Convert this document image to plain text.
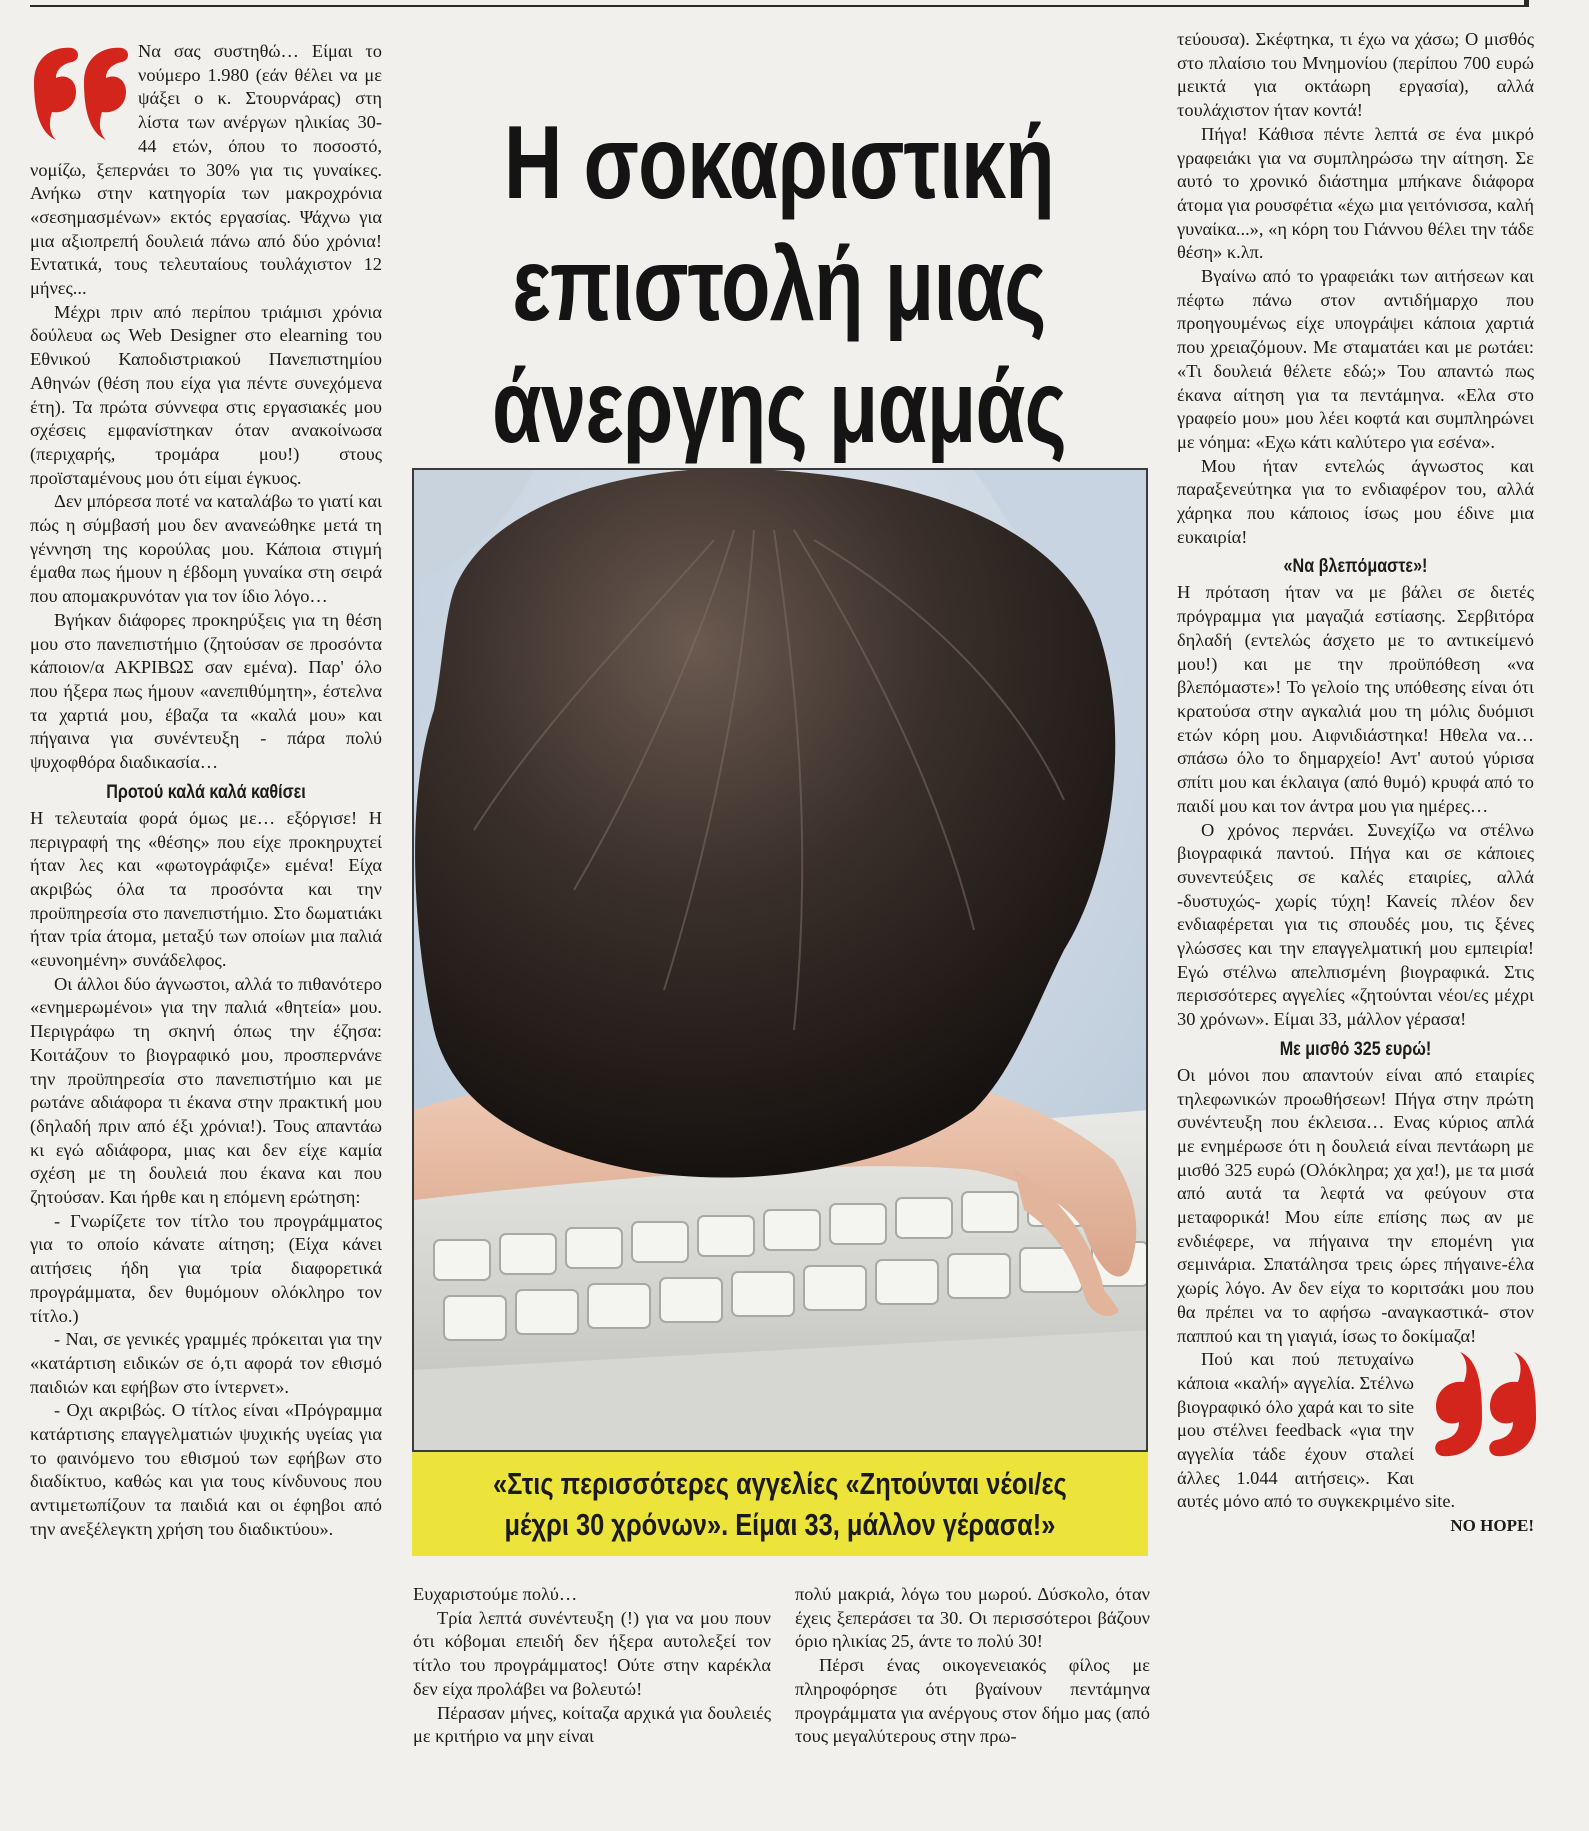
Η σοκαριστική
επιστολή μιας
άνεργης μαμάς

Να σας συστηθώ… Είμαι το νούμερο 1.980 (εάν θέλει να με ψάξει ο κ. Στουρνάρας) στη λίστα των ανέργων ηλικίας 30- 44 ετών, όπου το ποσοστό, νομίζω, ξεπερνάει το 30% για τις γυναίκες. Ανήκω στην κατηγορία των μακροχρόνια «σεσημασμένων» εκτός εργασίας. Ψάχνω για μια αξιοπρεπή δουλειά πάνω από δύο χρόνια! Εντατικά, τους τελευταίους τουλάχιστον 12 μήνες...

Μέχρι πριν από περίπου τριάμισι χρόνια δούλευα ως Web Designer στο elearning του Εθνικού Καποδιστριακού Πανεπιστημίου Αθηνών (θέση που είχα για πέντε συνεχόμενα έτη). Τα πρώτα σύννεφα στις εργασιακές μου σχέσεις εμφανίστηκαν όταν ανακοίνωσα (περιχαρής, τρομάρα μου!) στους προϊσταμένους μου ότι είμαι έγκυος.

Δεν μπόρεσα ποτέ να καταλάβω το γιατί και πώς η σύμβασή μου δεν ανανεώθηκε μετά τη γέννηση της κορούλας μου. Κάποια στιγμή έμαθα πως ήμουν η έβδομη γυναίκα στη σειρά που απομακρυνόταν για τον ίδιο λόγο…

Βγήκαν διάφορες προκηρύξεις για τη θέση μου στο πανεπιστήμιο (ζητούσαν σε προσόντα κάποιον/α ΑΚΡΙΒΩΣ σαν εμένα). Παρ' όλο που ήξερα πως ήμουν «ανεπιθύμητη», έστελνα τα χαρτιά μου, έβαζα τα «καλά μου» και πήγαινα για συνέντευξη - πάρα πολύ ψυχοφθόρα διαδικασία…

Προτού καλά καλά καθίσει

Η τελευταία φορά όμως με… εξόργισε! Η περιγραφή της «θέσης» που είχε προκηρυχτεί ήταν λες και «φωτογράφιζε» εμένα! Είχα ακριβώς όλα τα προσόντα και την προϋπηρεσία στο πανεπιστήμιο. Στο δωματιάκι ήταν τρία άτομα, μεταξύ των οποίων μια παλιά «ευνοημένη» συνάδελφος.

Οι άλλοι δύο άγνωστοι, αλλά το πιθανότερο «ενημερωμένοι» για την παλιά «θητεία» μου. Περιγράφω τη σκηνή όπως την έζησα: Κοιτάζουν το βιογραφικό μου, προσπερνάνε την προϋπηρεσία στο πανεπιστήμιο και με ρωτάνε αδιάφορα τι έκανα στην πρακτική μου (δηλαδή πριν από έξι χρόνια!). Τους απαντάω κι εγώ αδιάφορα, μιας και δεν είχε καμία σχέση με τη δουλειά που έκανα και που ζητούσαν. Και ήρθε και η επόμενη ερώτηση:

- Γνωρίζετε τον τίτλο του προγράμματος για το οποίο κάνατε αίτηση; (Είχα κάνει αιτήσεις ήδη για τρία διαφορετικά προγράμματα, δεν θυμόμουν ολόκληρο τον τίτλο.)

- Ναι, σε γενικές γραμμές πρόκειται για την «κατάρτιση ειδικών σε ό,τι αφορά τον εθισμό παιδιών και εφήβων στο ίντερνετ».

- Οχι ακριβώς. Ο τίτλος είναι «Πρόγραμμα κατάρτισης επαγγελματιών ψυχικής υγείας για το φαινόμενο του εθισμού των εφήβων στο διαδίκτυο, καθώς και για τους κίνδυνους που αντιμετωπίζουν τα παιδιά και οι έφηβοι από την ανεξέλεγκτη χρήση του διαδικτύου».

«Στις περισσότερες αγγελίες «Ζητούνται νέοι/ες
μέχρι 30 χρόνων». Είμαι 33, μάλλον γέρασα!»

Ευχαριστούμε πολύ…

Τρία λεπτά συνέντευξη (!) για να μου πουν ότι κόβομαι επειδή δεν ήξερα αυτολεξεί τον τίτλο του προγράμματος! Ούτε στην καρέκλα δεν είχα προλάβει να βολευτώ!

Πέρασαν μήνες, κοίταζα αρχικά για δουλειές με κριτήριο να μην είναι

πολύ μακριά, λόγω του μωρού. Δύσκολο, όταν έχεις ξεπεράσει τα 30. Οι περισσότεροι βάζουν όριο ηλικίας 25, άντε το πολύ 30!

Πέρσι ένας οικογενειακός φίλος με πληροφόρησε ότι βγαίνουν πεντάμηνα προγράμματα για ανέργους στον δήμο μας (από τους μεγαλύτερους στην πρω-

τεύουσα). Σκέφτηκα, τι έχω να χάσω; Ο μισθός στο πλαίσιο του Μνημονίου (περίπου 700 ευρώ μεικτά για οκτάωρη εργασία), αλλά τουλάχιστον ήταν κοντά!

Πήγα! Κάθισα πέντε λεπτά σε ένα μικρό γραφειάκι για να συμπληρώσω την αίτηση. Σε αυτό το χρονικό διάστημα μπήκανε διάφορα άτομα για ρουσφέτια «έχω μια γειτόνισσα, καλή γυναίκα...», «η κόρη του Γιάννου θέλει την τάδε θέση» κ.λπ.

Βγαίνω από το γραφειάκι των αιτήσεων και πέφτω πάνω στον αντιδήμαρχο που προηγουμένως είχε υπογράψει κάποια χαρτιά που χρειαζόμουν. Με σταματάει και με ρωτάει: «Τι δουλειά θέλετε εδώ;» Του απαντώ πως έκανα αίτηση για τα πεντάμηνα. «Ελα στο γραφείο μου» μου λέει κοφτά και συμπληρώνει με νόημα: «Εχω κάτι καλύτερο για εσένα».

Μου ήταν εντελώς άγνωστος και παραξενεύτηκα για το ενδιαφέρον του, αλλά χάρηκα που κάποιος ίσως μου έδινε μια ευκαιρία!

«Να βλεπόμαστε»!

Η πρόταση ήταν να με βάλει σε διετές πρόγραμμα για μαγαζιά εστίασης. Σερβιτόρα δηλαδή (εντελώς άσχετο με το αντικείμενό μου!) και με την προϋπόθεση «να βλεπόμαστε»! Το γελοίο της υπόθεσης είναι ότι κρατούσα στην αγκαλιά μου τη μόλις δυόμισι ετών κόρη μου. Αιφνιδιάστηκα! Ηθελα να… σπάσω όλο το δημαρχείο! Αντ' αυτού γύρισα σπίτι μου και έκλαιγα (από θυμό) κρυφά από το παιδί μου και τον άντρα μου για ημέρες…

Ο χρόνος περνάει. Συνεχίζω να στέλνω βιογραφικά παντού. Πήγα και σε κάποιες συνεντεύξεις σε καλές εταιρίες, αλλά -δυστυχώς- χωρίς τύχη! Κανείς πλέον δεν ενδιαφέρεται για τις σπουδές μου, τις ξένες γλώσσες και την επαγγελματική μου εμπειρία! Εγώ στέλνω απελπισμένη βιογραφικά. Στις περισσότερες αγγελίες «ζητούνται νέοι/ες μέχρι 30 χρόνων». Είμαι 33, μάλλον γέρασα!

Με μισθό 325 ευρώ!

Οι μόνοι που απαντούν είναι από εταιρίες τηλεφωνικών προωθήσεων! Πήγα στην πρώτη συνέντευξη που έκλεισα… Ενας κύριος απλά με ενημέρωσε ότι η δουλειά είναι πεντάωρη με μισθό 325 ευρώ (Ολόκληρα; χα χα!), με τα μισά από αυτά τα λεφτά να φεύγουν στα μεταφορικά! Μου είπε επίσης πως αν με ενδιέφερε, να πήγαινα την επομένη για σεμινάρια. Σπατάλησα τρεις ώρες πήγαινε-έλα χωρίς λόγο. Αν δεν είχα το κοριτσάκι μου που θα πρέπει να το αφήσω -αναγκαστικά- στον παππού και τη γιαγιά, ίσως το δοκίμαζα!

Πού και πού πετυχαίνω κάποια «καλή» αγγελία. Στέλνω βιογραφικό όλο χαρά και το site μου στέλνει feedback «για την αγγελία τάδε έχουν σταλεί άλλες 1.044 αιτήσεις». Και αυτές μόνο από το συγκεκριμένο site.

NO HOPE!
